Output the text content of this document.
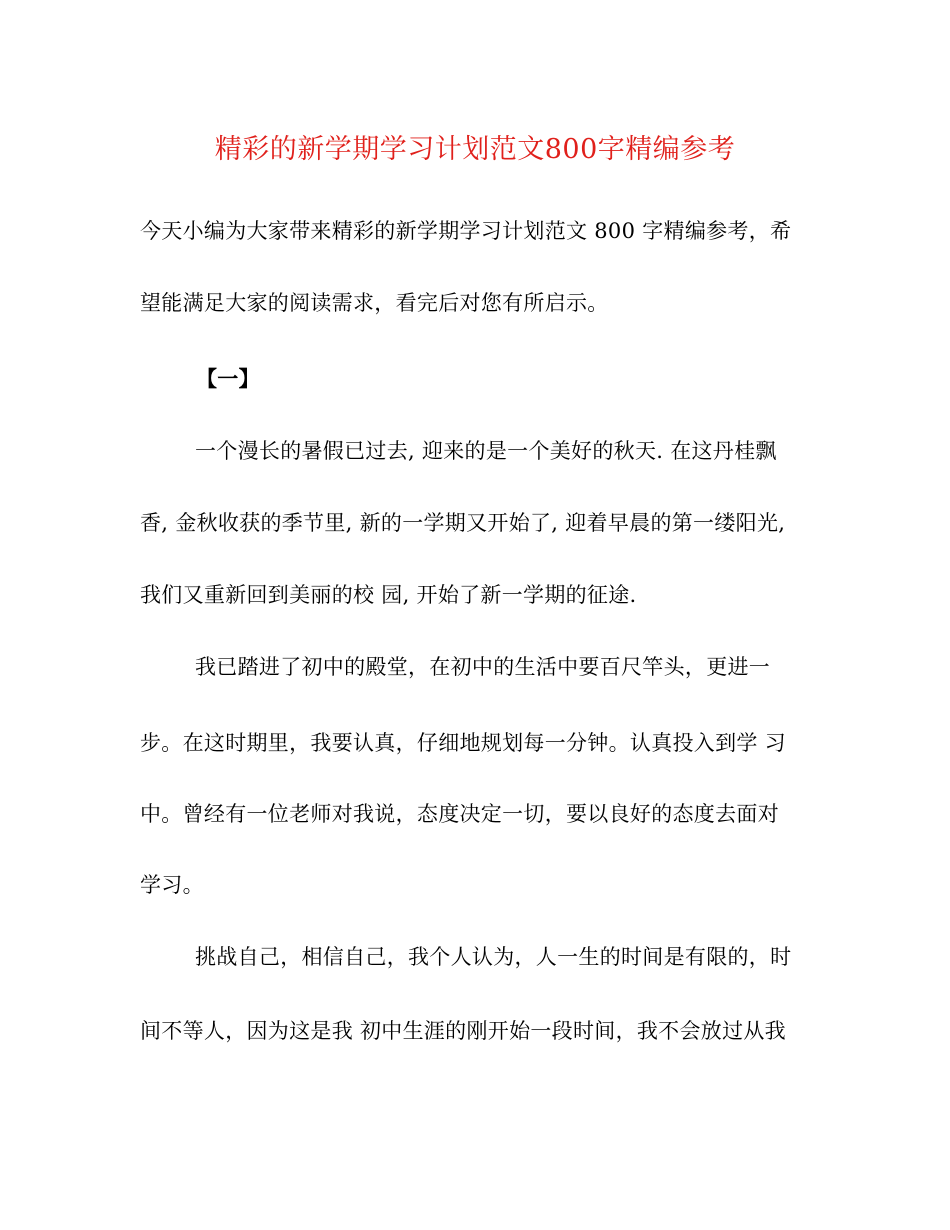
精彩的新学期学习计划范文800字精编参考
今天小编为大家带来精彩的新学期学习计划范文 800 字精编参考，希
望能满足大家的阅读需求，看完后对您有所启示。
【一】
一个漫长的暑假已过去, 迎来的是一个美好的秋天. 在这丹桂飘
香, 金秋收获的季节里, 新的一学期又开始了, 迎着早晨的第一缕阳光,
我们又重新回到美丽的校 园, 开始了新一学期的征途.
我已踏进了初中的殿堂，在初中的生活中要百尺竿头，更进一
步。在这时期里，我要认真，仔细地规划每一分钟。认真投入到学 习
中。曾经有一位老师对我说，态度决定一切，要以良好的态度去面对
学习。
挑战自己，相信自己，我个人认为，人一生的时间是有限的，时
间不等人，因为这是我 初中生涯的刚开始一段时间，我不会放过从我
